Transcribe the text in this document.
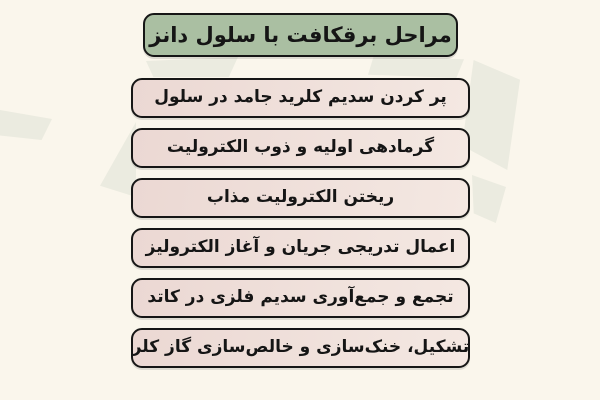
مراحل برقکافت با سلول دانز
پر کردن سدیم کلرید جامد در سلول
گرمادهی اولیه و ذوب الکترولیت
ریختن الکترولیت مذاب
اعمال تدریجی جریان و آغاز الکترولیز
تجمع و جمع‌آوری سدیم فلزی در کاتد
تشکیل، خنک‌سازی و خالص‌سازی گاز کلر
